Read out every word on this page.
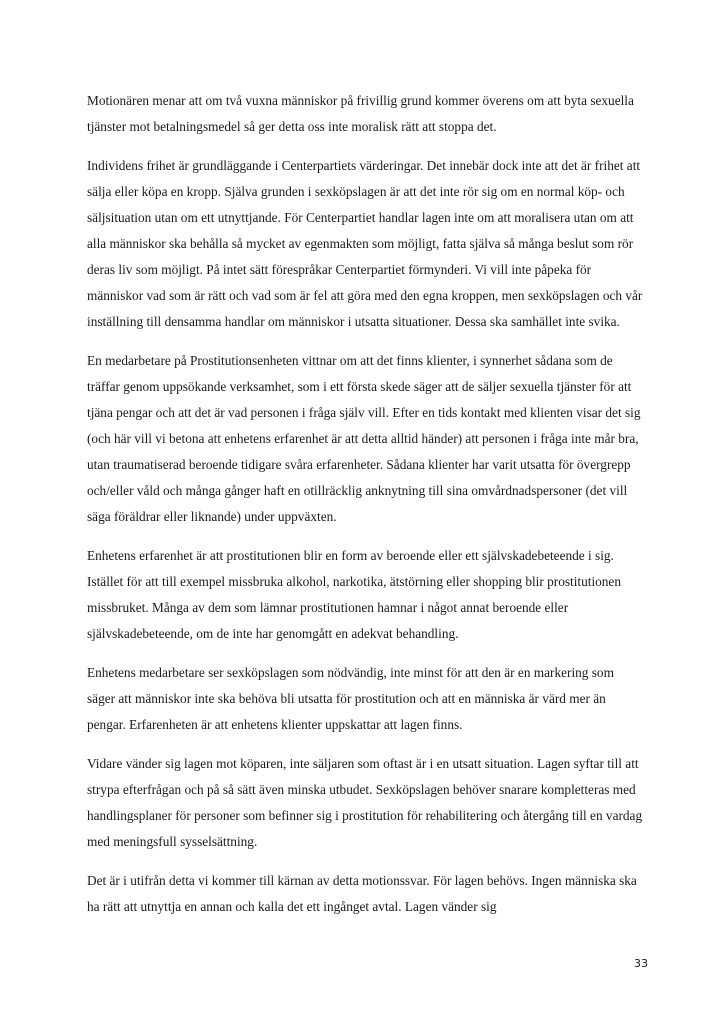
Motionären menar att om två vuxna människor på frivillig grund kommer överens om att byta sexuella tjänster mot betalningsmedel så ger detta oss inte moralisk rätt att stoppa det.

Individens frihet är grundläggande i Centerpartiets värderingar. Det innebär dock inte att det är frihet att sälja eller köpa en kropp. Själva grunden i sexköpslagen är att det inte rör sig om en normal köp- och säljsituation utan om ett utnyttjande. För Centerpartiet handlar lagen inte om att moralisera utan om att alla människor ska behålla så mycket av egenmakten som möjligt, fatta själva så många beslut som rör deras liv som möjligt. På intet sätt förespråkar Centerpartiet förmynderi. Vi vill inte påpeka för människor vad som är rätt och vad som är fel att göra med den egna kroppen, men sexköpslagen och vår inställning till densamma handlar om människor i utsatta situationer. Dessa ska samhället inte svika.

En medarbetare på Prostitutionsenheten vittnar om att det finns klienter, i synnerhet sådana som de träffar genom uppsökande verksamhet, som i ett första skede säger att de säljer sexuella tjänster för att tjäna pengar och att det är vad personen i fråga själv vill. Efter en tids kontakt med klienten visar det sig (och här vill vi betona att enhetens erfarenhet är att detta alltid händer) att personen i fråga inte mår bra, utan traumatiserad beroende tidigare svåra erfarenheter. Sådana klienter har varit utsatta för övergrepp och/eller våld och många gånger haft en otillräcklig anknytning till sina omvårdnadspersoner (det vill säga föräldrar eller liknande) under uppväxten.

Enhetens erfarenhet är att prostitutionen blir en form av beroende eller ett självskadebeteende i sig. Istället för att till exempel missbruka alkohol, narkotika, ätstörning eller shopping blir prostitutionen missbruket. Många av dem som lämnar prostitutionen hamnar i något annat beroende eller självskadebeteende, om de inte har genomgått en adekvat behandling.

Enhetens medarbetare ser sexköpslagen som nödvändig, inte minst för att den är en markering som säger att människor inte ska behöva bli utsatta för prostitution och att en människa är värd mer än pengar. Erfarenheten är att enhetens klienter uppskattar att lagen finns.

Vidare vänder sig lagen mot köparen, inte säljaren som oftast är i en utsatt situation. Lagen syftar till att strypa efterfrågan och på så sätt även minska utbudet. Sexköpslagen behöver snarare kompletteras med handlingsplaner för personer som befinner sig i prostitution för rehabilitering och återgång till en vardag med meningsfull sysselsättning.

Det är i utifrån detta vi kommer till kärnan av detta motionssvar. För lagen behövs. Ingen människa ska ha rätt att utnyttja en annan och kalla det ett ingånget avtal. Lagen vänder sig

33
